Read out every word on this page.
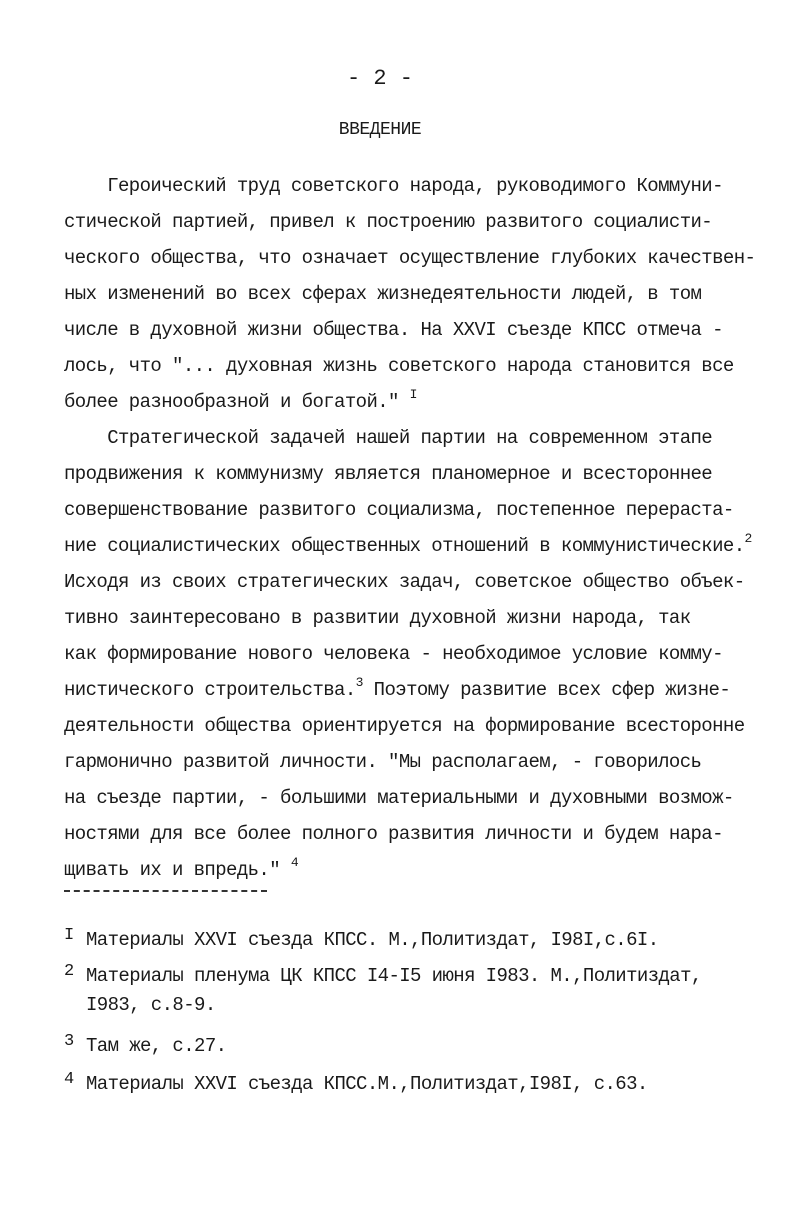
- 2 -
ВВЕДЕНИЕ
Героический труд советского народа, руководимого Коммуни-
стической партией, привел к построению развитого социалисти-
ческого общества, что означает осуществление глубоких качествен-
ных изменений во всех сферах жизнедеятельности людей, в том
числе в духовной жизни общества. На XXVI съезде КПСС отмеча -
лось, что "... духовная жизнь советского народа становится все
более разнообразной и богатой." $^I$
Стратегической задачей нашей партии на современном этапе
продвижения к коммунизму является планомерное и всестороннее
совершенствование развитого социализма, постепенное перераста-
ние социалистических общественных отношений в коммунистические.$^2$
Исходя из своих стратегических задач, советское общество объек-
тивно заинтересовано в развитии духовной жизни народа, так
как формирование нового человека - необходимое условие комму-
нистического строительства.$^3$ Поэтому развитие всех сфер жизне-
деятельности общества ориентируется на формирование всесторонне
гармонично развитой личности. "Мы располагаем, - говорилось
на съезде партии, - большими материальными и духовными возмож-
ностями для все более полного развития личности и будем нара-
щивать их и впредь." $^4$
I Материалы XXVI съезда КПСС. М.,Политиздат, I98I,с.6I.
2 Материалы пленума ЦК КПСС I4-I5 июня I983. М.,Политиздат,
I983, с.8-9.
3 Там же, с.27.
4 Материалы XXVI съезда КПСС.М.,Политиздат,I98I, с.63.
